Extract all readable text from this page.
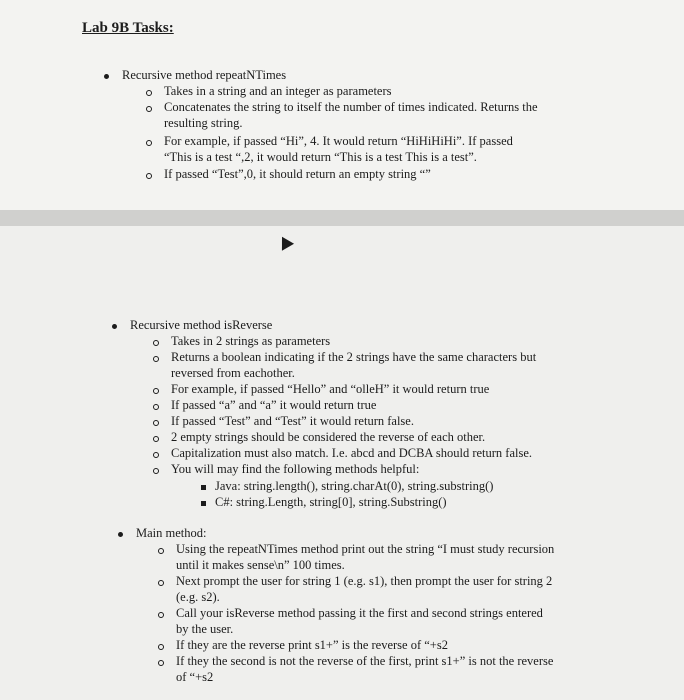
Lab 9B Tasks:
Recursive method repeatNTimes
Takes in a string and an integer as parameters
Concatenates the string to itself the number of times indicated. Returns the
resulting string.
For example, if passed “Hi”, 4. It would return “HiHiHiHi”. If passed
“This is a test “,2, it would return “This is a test This is a test”.
If passed “Test”,0, it should return an empty string “”
Recursive method isReverse
Takes in 2 strings as parameters
Returns a boolean indicating if the 2 strings have the same characters but
reversed from eachother.
For example, if passed “Hello” and “olleH” it would return true
If passed “a” and “a” it would return true
If passed “Test” and “Test” it would return false.
2 empty strings should be considered the reverse of each other.
Capitalization must also match. I.e. abcd and DCBA should return false.
You will may find the following methods helpful:
Java: string.length(), string.charAt(0), string.substring()
C#: string.Length, string[0], string.Substring()
Main method:
Using the repeatNTimes method print out the string “I must study recursion
until it makes sense\n” 100 times.
Next prompt the user for string 1 (e.g. s1), then prompt the user for string 2
(e.g. s2).
Call your isReverse method passing it the first and second strings entered
by the user.
If they are the reverse print s1+” is the reverse of “+s2
If they the second is not the reverse of the first, print s1+” is not the reverse
of “+s2
